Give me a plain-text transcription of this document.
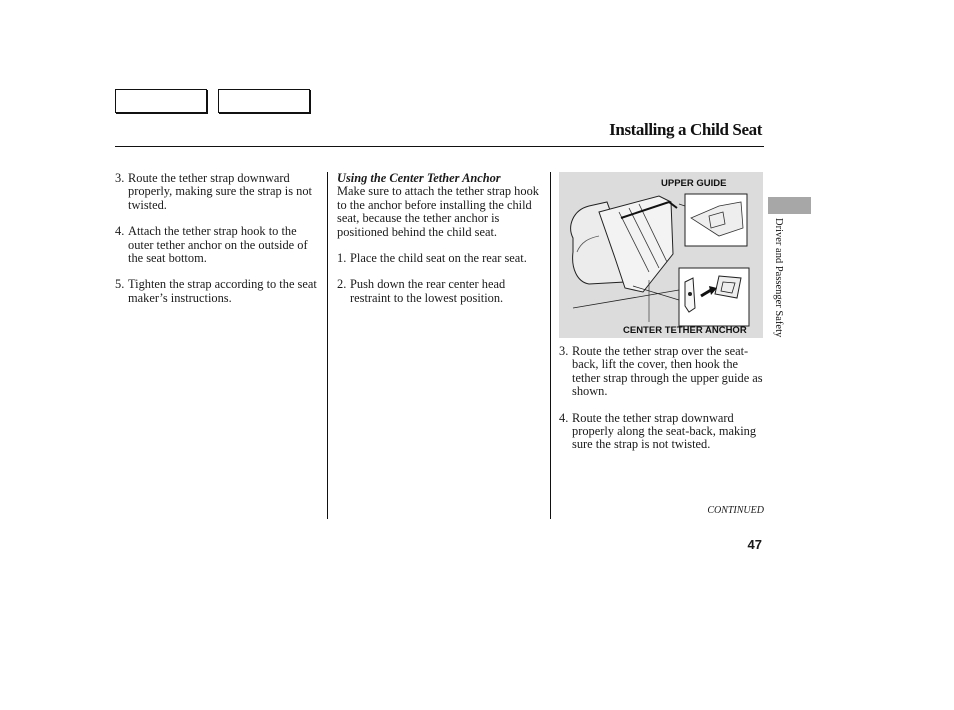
Installing a Child Seat
3. Route the tether strap downward properly, making sure the strap is not twisted.
4. Attach the tether strap hook to the outer tether anchor on the outside of the seat bottom.
5. Tighten the strap according to the seat maker’s instructions.
Using the Center Tether Anchor

Make sure to attach the tether strap hook to the anchor before installing the child seat, because the tether anchor is positioned behind the child seat.

1. Place the child seat on the rear seat.
2. Push down the rear center head restraint to the lowest position.
UPPER GUIDE
CENTER TETHER ANCHOR
3. Route the tether strap over the seat-back, lift the cover, then hook the tether strap through the upper guide as shown.
4. Route the tether strap downward properly along the seat-back, making sure the strap is not twisted.
Driver and Passenger Safety
CONTINUED
47
